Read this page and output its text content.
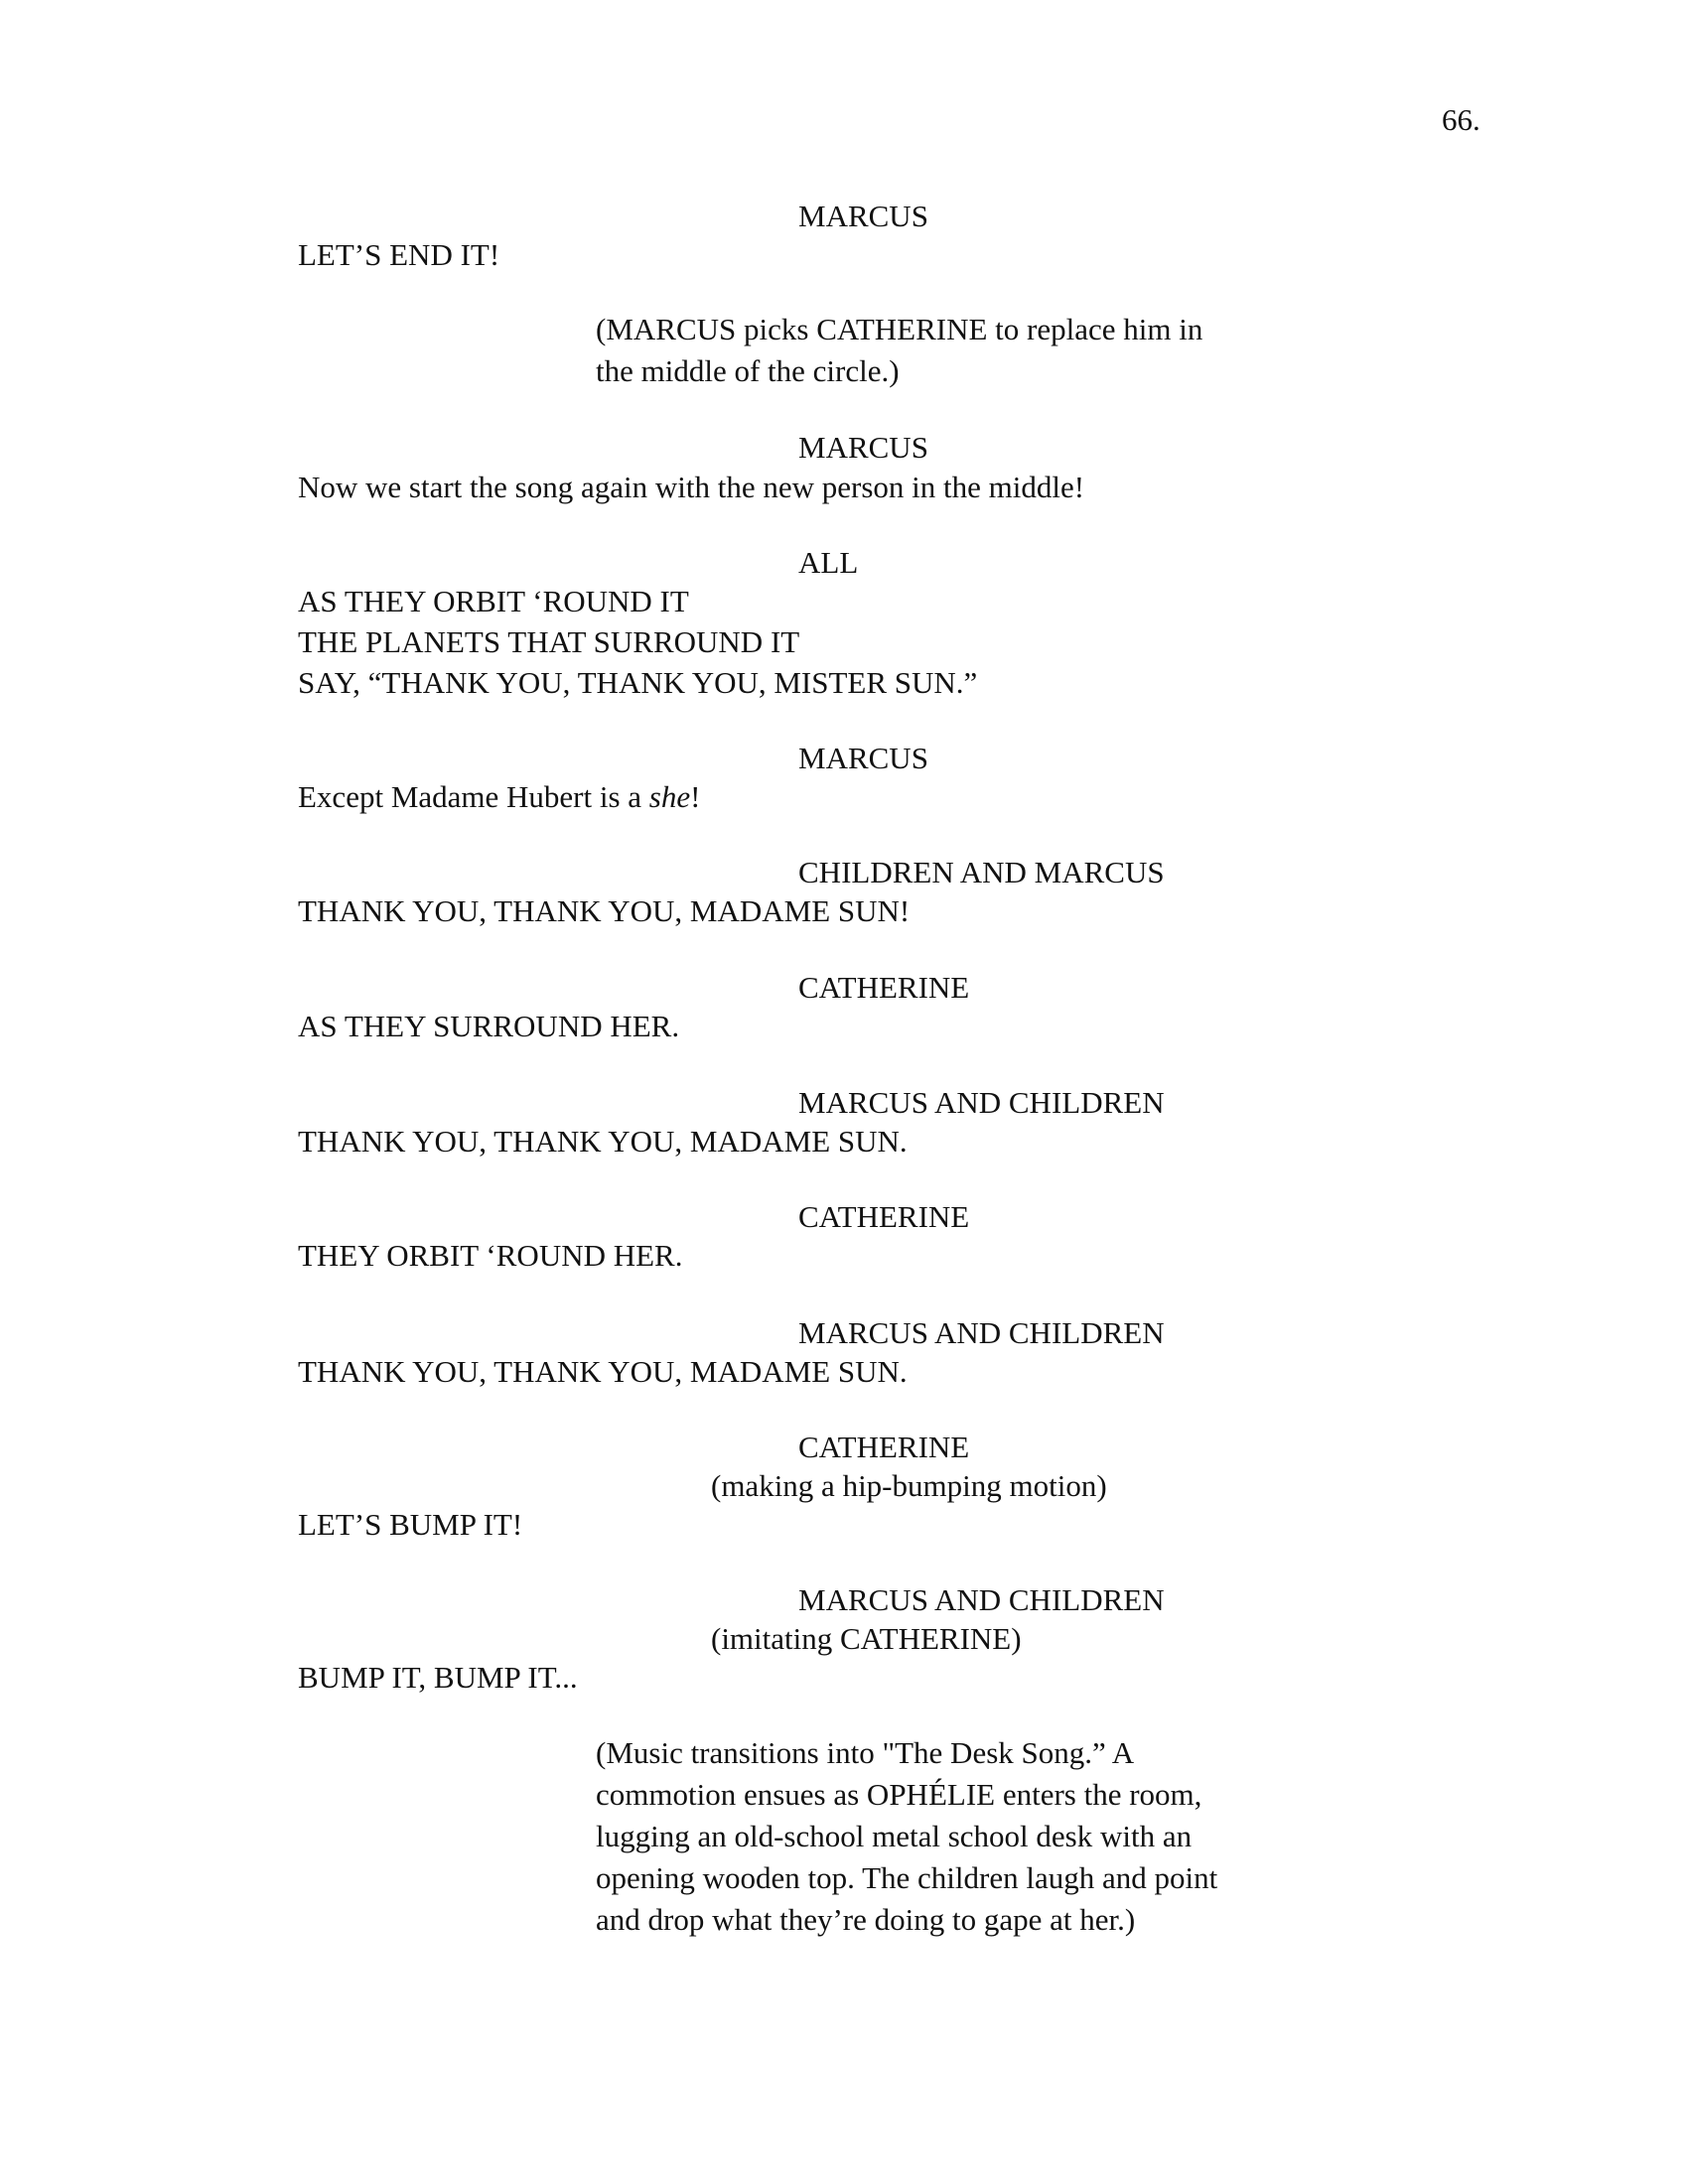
66.

MARCUS

LET’S END IT!

(MARCUS picks CATHERINE to replace him in
the middle of the circle.)

MARCUS

Now we start the song again with the new person in the middle!

ALL

AS THEY ORBIT ‘ROUND IT

THE PLANETS THAT SURROUND IT

SAY, “THANK YOU, THANK YOU, MISTER SUN.”

MARCUS

Except Madame Hubert is a she!

CHILDREN AND MARCUS

THANK YOU, THANK YOU, MADAME SUN!

CATHERINE

AS THEY SURROUND HER.

MARCUS AND CHILDREN

THANK YOU, THANK YOU, MADAME SUN.

CATHERINE

THEY ORBIT ‘ROUND HER.

MARCUS AND CHILDREN

THANK YOU, THANK YOU, MADAME SUN.

CATHERINE

(making a hip-bumping motion)

LET’S BUMP IT!

MARCUS AND CHILDREN

(imitating CATHERINE)

BUMP IT, BUMP IT...

(Music transitions into "The Desk Song.” A
commotion ensues as OPHÉLIE enters the room,
lugging an old-school metal school desk with an
opening wooden top. The children laugh and point
and drop what they’re doing to gape at her.)
